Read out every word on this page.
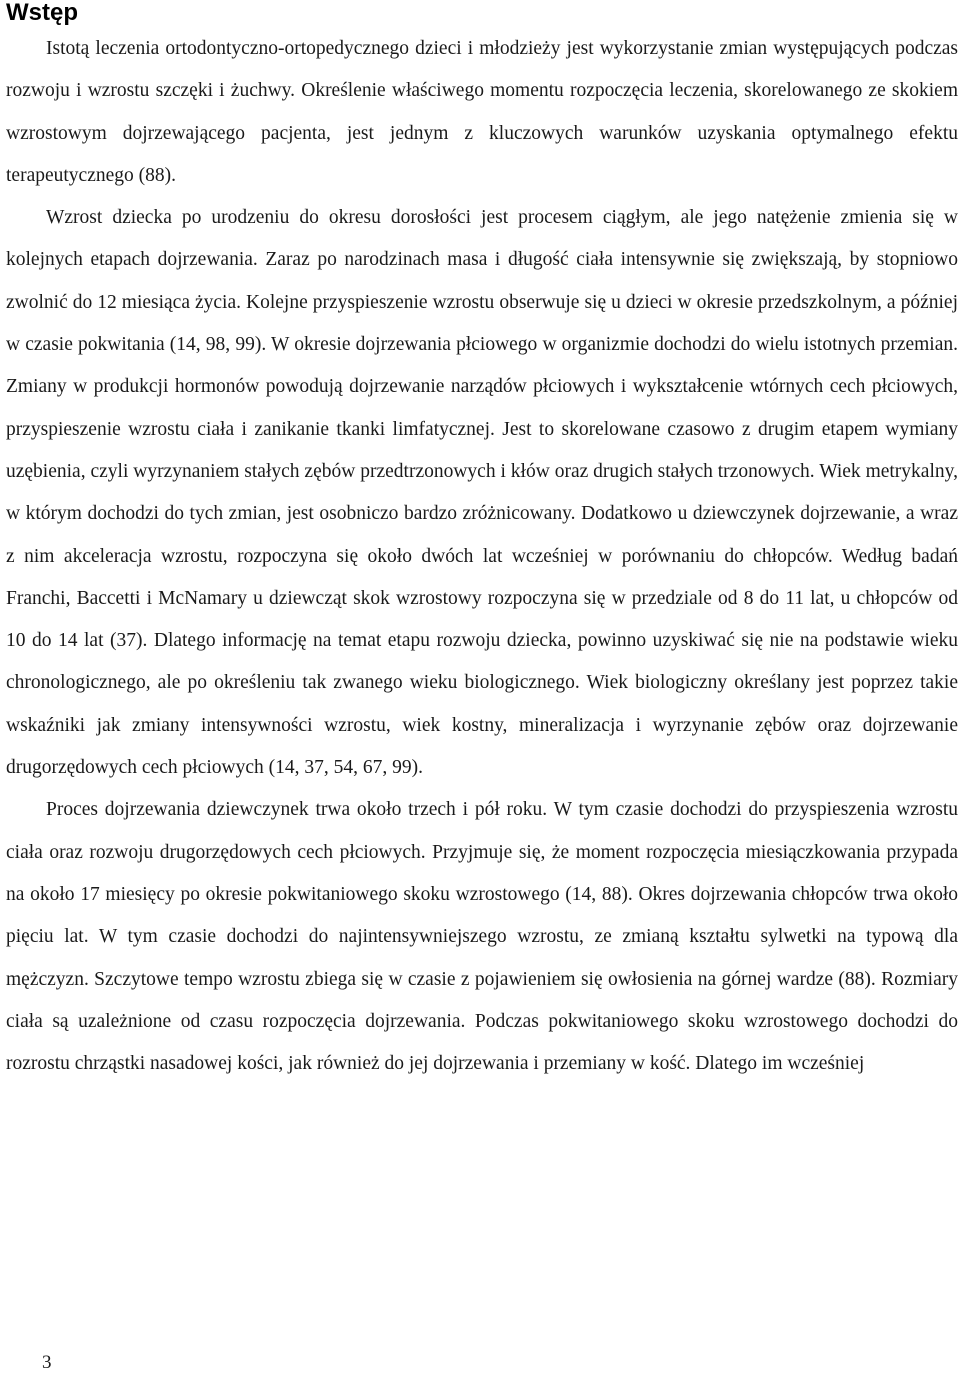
Wstęp

Istotą leczenia ortodontyczno-ortopedycznego dzieci i młodzieży jest wykorzystanie zmian występujących podczas rozwoju i wzrostu szczęki i żuchwy. Określenie właściwego momentu rozpoczęcia leczenia, skorelowanego ze skokiem wzrostowym dojrzewającego pacjenta, jest jednym z kluczowych warunków uzyskania optymalnego efektu terapeutycznego (88).

Wzrost dziecka po urodzeniu do okresu dorosłości jest procesem ciągłym, ale jego natężenie zmienia się w kolejnych etapach dojrzewania. Zaraz po narodzinach masa i długość ciała intensywnie się zwiększają, by stopniowo zwolnić do 12 miesiąca życia. Kolejne przyspieszenie wzrostu obserwuje się u dzieci w okresie przedszkolnym, a później w czasie pokwitania (14, 98, 99). W okresie dojrzewania płciowego w organizmie dochodzi do wielu istotnych przemian. Zmiany w produkcji hormonów powodują dojrzewanie narządów płciowych i wykształcenie wtórnych cech płciowych, przyspieszenie wzrostu ciała i zanikanie tkanki limfatycznej. Jest to skorelowane czasowo z drugim etapem wymiany uzębienia, czyli wyrzynaniem stałych zębów przedtrzonowych i kłów oraz drugich stałych trzonowych. Wiek metrykalny, w którym dochodzi do tych zmian, jest osobniczo bardzo zróżnicowany. Dodatkowo u dziewczynek dojrzewanie, a wraz z nim akceleracja wzrostu, rozpoczyna się około dwóch lat wcześniej w porównaniu do chłopców. Według badań Franchi, Baccetti i McNamary u dziewcząt skok wzrostowy rozpoczyna się w przedziale od 8 do 11 lat, u chłopców od 10 do 14 lat (37). Dlatego informację na temat etapu rozwoju dziecka, powinno uzyskiwać się nie na podstawie wieku chronologicznego, ale po określeniu tak zwanego wieku biologicznego. Wiek biologiczny określany jest poprzez takie wskaźniki jak zmiany intensywności wzrostu, wiek kostny, mineralizacja i wyrzynanie zębów oraz dojrzewanie drugorzędowych cech płciowych (14, 37, 54, 67, 99).

Proces dojrzewania dziewczynek trwa około trzech i pół roku. W tym czasie dochodzi do przyspieszenia wzrostu ciała oraz rozwoju drugorzędowych cech płciowych. Przyjmuje się, że moment rozpoczęcia miesiączkowania przypada na około 17 miesięcy po okresie pokwitaniowego skoku wzrostowego (14, 88). Okres dojrzewania chłopców trwa około pięciu lat. W tym czasie dochodzi do najintensywniejszego wzrostu, ze zmianą kształtu sylwetki na typową dla mężczyzn. Szczytowe tempo wzrostu zbiega się w czasie z pojawieniem się owłosienia na górnej wardze (88). Rozmiary ciała są uzależnione od czasu rozpoczęcia dojrzewania. Podczas pokwitaniowego skoku wzrostowego dochodzi do rozrostu chrząstki nasadowej kości, jak również do jej dojrzewania i przemiany w kość. Dlatego im wcześniej

3
